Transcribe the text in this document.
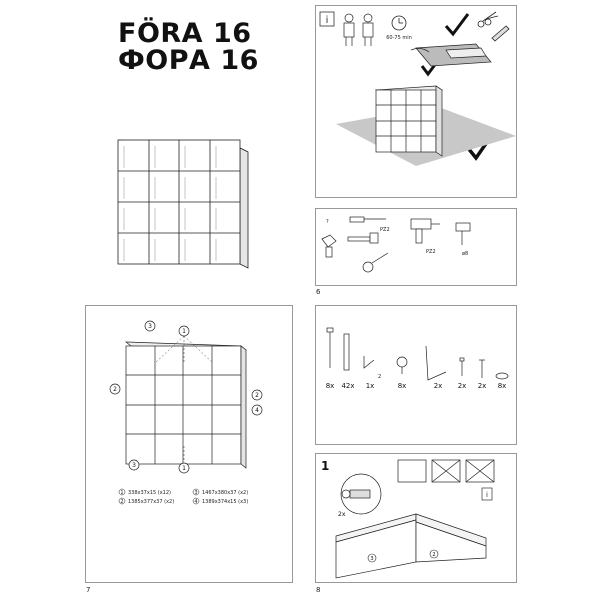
FÖRA 16
ФОРА 16
i
60-75 min
?
PZ2
PZ2	ø8
6
3
1
2
2
4
3	1
1 338x37x15 (x12)
2 1385x377x37 (x2)
3 1467x380x37 (x2)
4 1389x374x15 (x3)
7
2
8x 42x 1x	8x	2x 2x 2x 8x
1
i
2x
3
2
8
